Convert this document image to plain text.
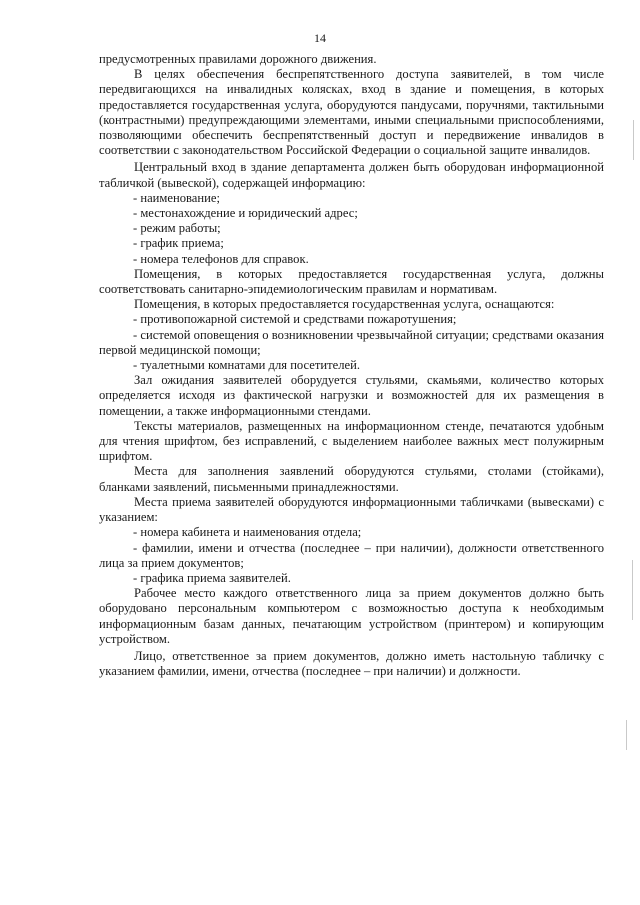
14

предусмотренных правилами дорожного движения.

В целях обеспечения беспрепятственного доступа заявителей, в том числе передвигающихся на инвалидных колясках, вход в здание и помещения, в которых предоставляется государственная услуга, оборудуются пандусами, поручнями, тактильными (контрастными) предупреждающими элементами, иными специальными приспособлениями, позволяющими обеспечить беспрепятственный доступ и передвижение инвалидов в соответствии с законодательством Российской Федерации о социальной защите инвалидов.

Центральный вход в здание департамента должен быть оборудован информационной табличкой (вывеской), содержащей информацию:

- наименование;

- местонахождение и юридический адрес;

- режим работы;

- график приема;

- номера телефонов для справок.

Помещения, в которых предоставляется государственная услуга, должны соответствовать санитарно-эпидемиологическим правилам и нормативам.

Помещения, в которых предоставляется государственная услуга, оснащаются:

- противопожарной системой и средствами пожаротушения;

- системой оповещения о возникновении чрезвычайной ситуации; средствами оказания первой медицинской помощи;

- туалетными комнатами для посетителей.

Зал ожидания заявителей оборудуется стульями, скамьями, количество которых определяется исходя из фактической нагрузки и возможностей для их размещения в помещении, а также информационными стендами.

Тексты материалов, размещенных на информационном стенде, печатаются удобным для чтения шрифтом, без исправлений, с выделением наиболее важных мест полужирным шрифтом.

Места для заполнения заявлений оборудуются стульями, столами (стойками), бланками заявлений, письменными принадлежностями.

Места приема заявителей оборудуются информационными табличками (вывесками) с указанием:

- номера кабинета и наименования отдела;

- фамилии, имени и отчества (последнее – при наличии), должности ответственного лица за прием документов;

- графика приема заявителей.

Рабочее место каждого ответственного лица за прием документов должно быть оборудовано персональным компьютером с возможностью доступа к необходимым информационным базам данных, печатающим устройством (принтером) и копирующим устройством.

Лицо, ответственное за прием документов, должно иметь настольную табличку с указанием фамилии, имени, отчества (последнее – при наличии) и должности.
